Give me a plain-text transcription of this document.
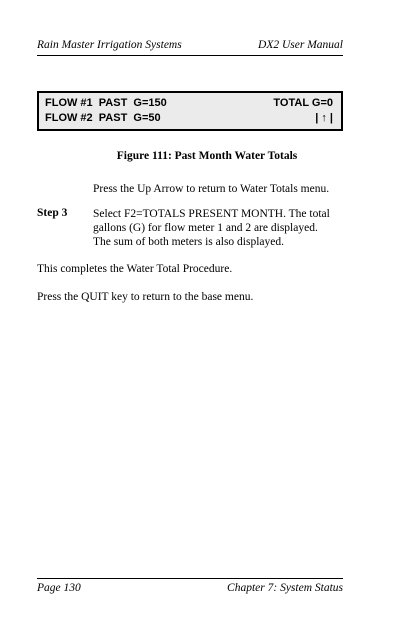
Rain Master Irrigation Systems	DX2 User Manual
FLOW #1  PAST  G=150	TOTAL G=0
FLOW #2  PAST  G=50	| ↑ |
Figure 111: Past Month Water Totals
Press the Up Arrow to return to Water Totals menu.
Step 3 Select F2=TOTALS PRESENT MONTH. The total
gallons (G) for flow meter 1 and 2 are displayed.
The sum of both meters is also displayed.
This completes the Water Total Procedure.
Press the QUIT key to return to the base menu.
Page 130	Chapter 7: System Status
